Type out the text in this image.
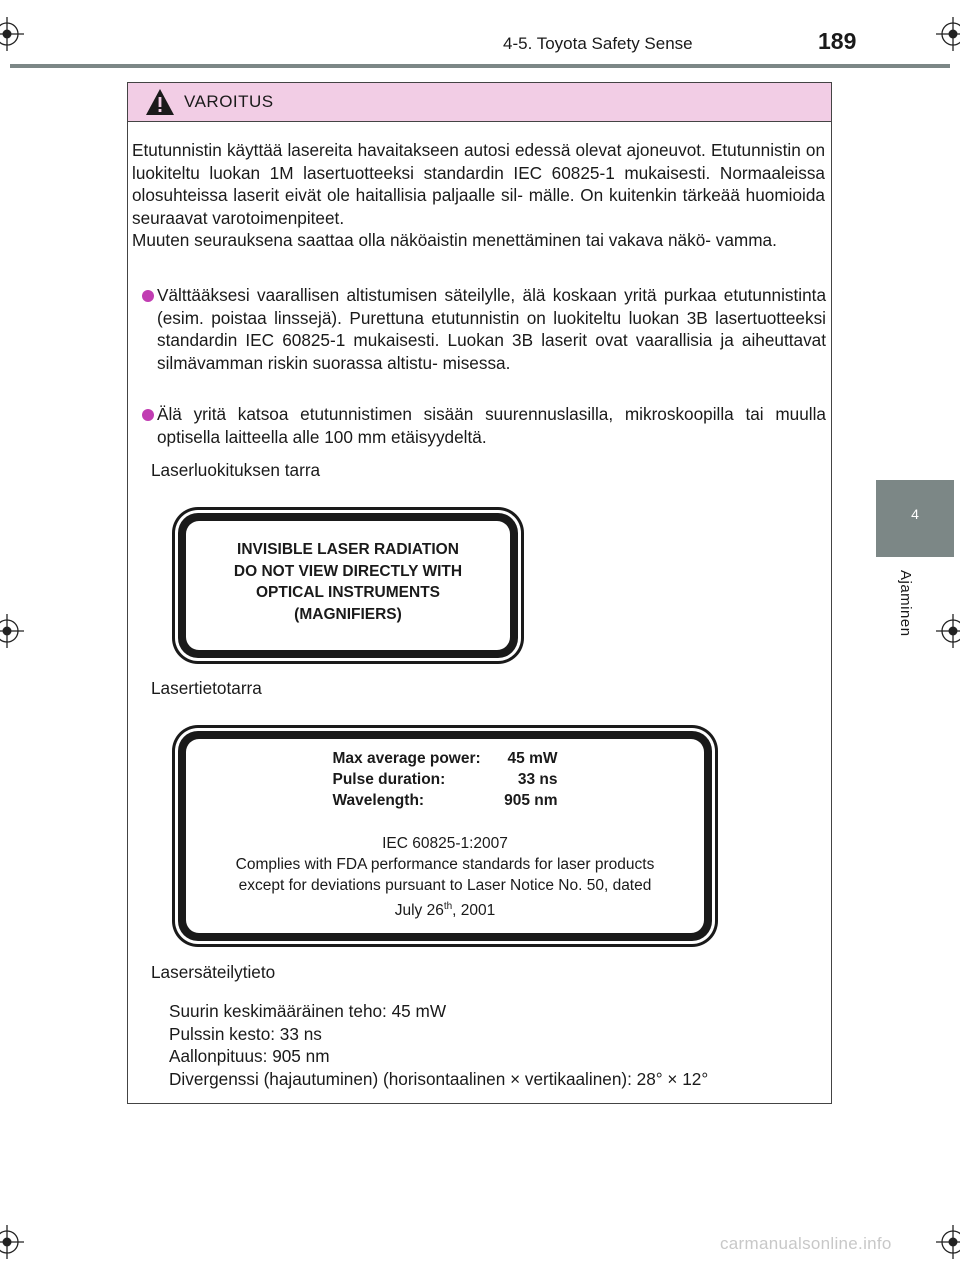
4-5. Toyota Safety Sense	189
4
Ajaminen
VAROITUS

Etutunnistin käyttää lasereita havaitakseen autosi edessä olevat ajoneuvot. Etutunnistin on luokiteltu luokan 1M lasertuotteeksi standardin IEC 60825-1 mukaisesti. Normaaleissa olosuhteissa laserit eivät ole haitallisia paljaalle sil- mälle. On kuitenkin tärkeää huomioida seuraavat varotoimenpiteet.

Muuten seurauksena saattaa olla näköaistin menettäminen tai vakava näkö- vamma.

Välttääksesi vaarallisen altistumisen säteilylle, älä koskaan yritä purkaa etutunnistinta (esim. poistaa linssejä). Purettuna etutunnistin on luokiteltu luokan 3B lasertuotteeksi standardin IEC 60825-1 mukaisesti. Luokan 3B laserit ovat vaarallisia ja aiheuttavat silmävamman riskin suorassa altistu- misessa.
Älä yritä katsoa etutunnistimen sisään suurennuslasilla, mikroskoopilla tai muulla optisella laitteella alle 100 mm etäisyydeltä.
Laserluokituksen tarra
INVISIBLE LASER RADIATION
DO NOT VIEW DIRECTLY WITH
OPTICAL INSTRUMENTS
(MAGNIFIERS)
Lasertietotarra
Max average power:	45 mW
Pulse duration:	33 ns
Wavelength:	905 nm
IEC 60825-1:2007
Complies with FDA performance standards for laser products
except for deviations pursuant to Laser Notice No. 50, dated
July 26th, 2001
Lasersäteilytieto
Suurin keskimääräinen teho: 45 mW
Pulssin kesto: 33 ns
Aallonpituus: 905 nm
Divergenssi (hajautuminen) (horisontaalinen × vertikaalinen): 28° × 12°
carmanualsonline.info
